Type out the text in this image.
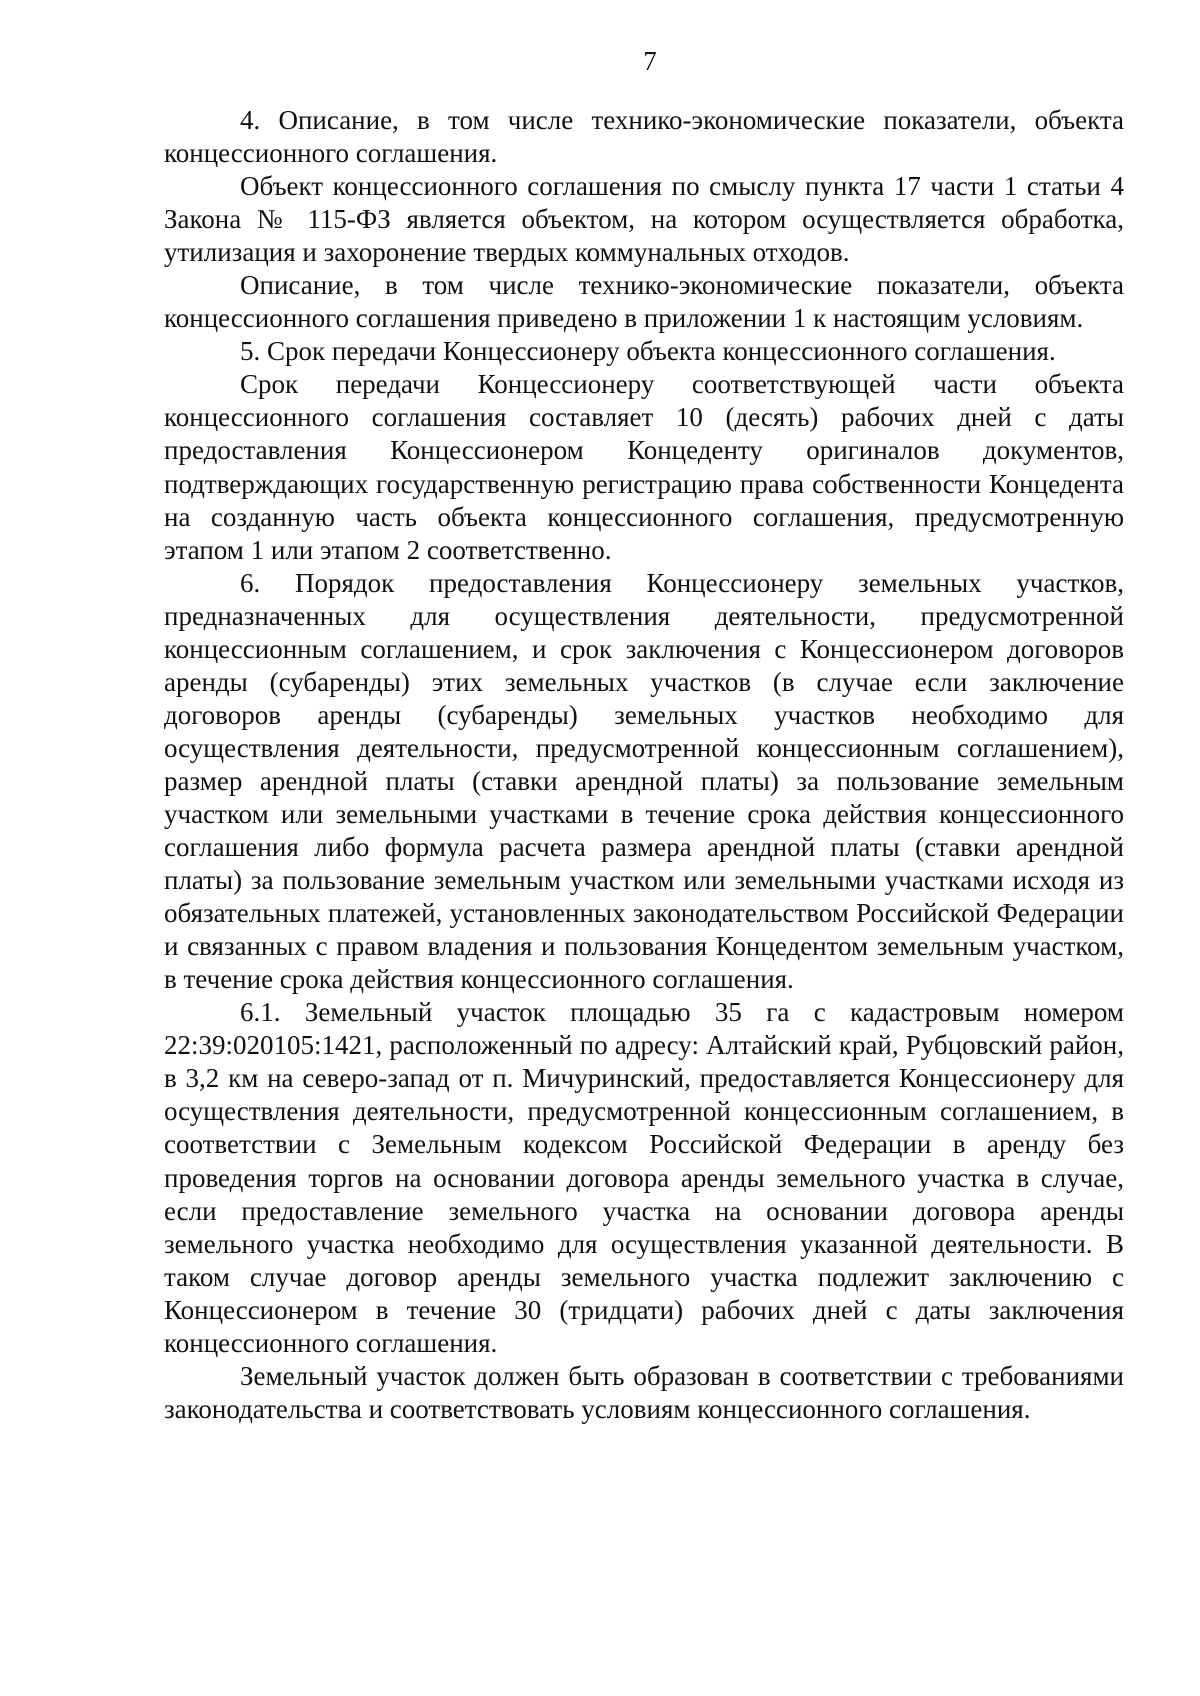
7

4. Описание, в том числе технико-экономические показатели, объекта концессионного соглашения.

Объект концессионного соглашения по смыслу пункта 17 части 1 статьи 4 Закона № 115-ФЗ является объектом, на котором осуществляется обработка, утилизация и захоронение твердых коммунальных отходов.

Описание, в том числе технико-экономические показатели, объекта концессионного соглашения приведено в приложении 1 к настоящим условиям.

5. Срок передачи Концессионеру объекта концессионного соглашения.

Срок передачи Концессионеру соответствующей части объекта концессионного соглашения составляет 10 (десять) рабочих дней с даты предоставления Концессионером Концеденту оригиналов документов, подтверждающих государственную регистрацию права собственности Концедента на созданную часть объекта концессионного соглашения, предусмотренную этапом 1 или этапом 2 соответственно.

6. Порядок предоставления Концессионеру земельных участков, предназначенных для осуществления деятельности, предусмотренной концессионным соглашением, и срок заключения с Концессионером договоров аренды (субаренды) этих земельных участков (в случае если заключение договоров аренды (субаренды) земельных участков необходимо для осуществления деятельности, предусмотренной концессионным соглашением), размер арендной платы (ставки арендной платы) за пользование земельным участком или земельными участками в течение срока действия концессионного соглашения либо формула расчета размера арендной платы (ставки арендной платы) за пользование земельным участком или земельными участками исходя из обязательных платежей, установленных законодательством Российской Федерации и связанных с правом владения и пользования Концедентом земельным участком, в течение срока действия концессионного соглашения.

6.1. Земельный участок площадью 35 га с кадастровым номером 22:39:020105:1421, расположенный по адресу: Алтайский край, Рубцовский район, в 3,2 км на северо-запад от п. Мичуринский, предоставляется Концессионеру для осуществления деятельности, предусмотренной концессионным соглашением, в соответствии с Земельным кодексом Российской Федерации в аренду без проведения торгов на основании договора аренды земельного участка в случае, если предоставление земельного участка на основании договора аренды земельного участка необходимо для осуществления указанной деятельности. В таком случае договор аренды земельного участка подлежит заключению с Концессионером в течение 30 (тридцати) рабочих дней с даты заключения концессионного соглашения.

Земельный участок должен быть образован в соответствии с требованиями законодательства и соответствовать условиям концессионного соглашения.
